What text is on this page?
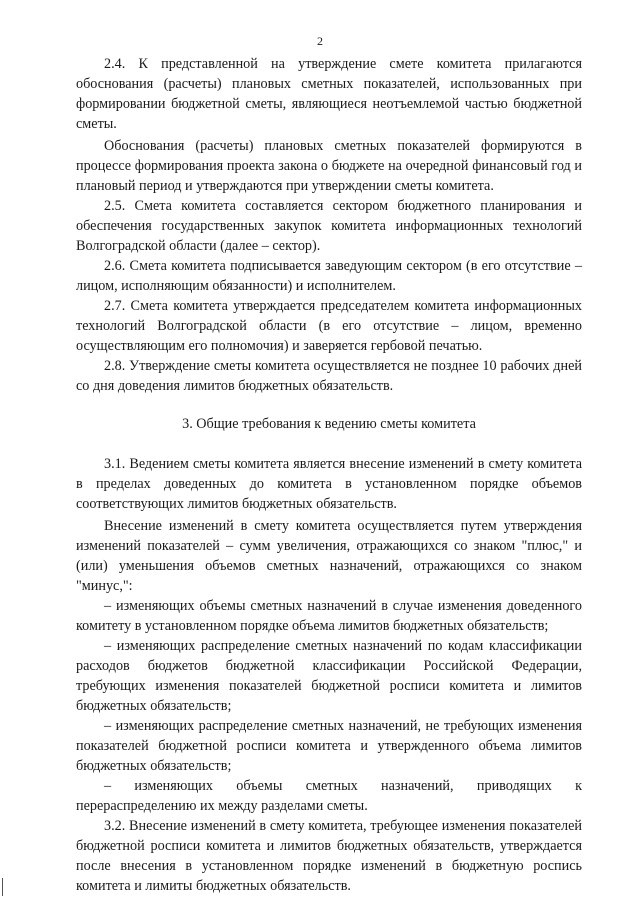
2

2.4. К представленной на утверждение смете комитета прилагаются обоснования (расчеты) плановых сметных показателей, использованных при формировании бюджетной сметы, являющиеся неотъемлемой частью бюджетной сметы.

Обоснования (расчеты) плановых сметных показателей формируются в процессе формирования проекта закона о бюджете на очередной финансовый год и плановый период и утверждаются при утверждении сметы комитета.

2.5. Смета комитета составляется сектором бюджетного планирования и обеспечения государственных закупок комитета информационных технологий Волгоградской области (далее – сектор).

2.6. Смета комитета подписывается заведующим сектором (в его отсутствие – лицом, исполняющим обязанности) и исполнителем.

2.7. Смета комитета утверждается председателем комитета информационных технологий Волгоградской области (в его отсутствие – лицом, временно осуществляющим его полномочия) и заверяется гербовой печатью.

2.8. Утверждение сметы комитета осуществляется не позднее 10 рабочих дней со дня доведения лимитов бюджетных обязательств.

3. Общие требования к ведению сметы комитета

3.1. Ведением сметы комитета является внесение изменений в смету комитета в пределах доведенных до комитета в установленном порядке объемов соответствующих лимитов бюджетных обязательств.

Внесение изменений в смету комитета осуществляется путем утверждения изменений показателей – сумм увеличения, отражающихся со знаком "плюс," и (или) уменьшения объемов сметных назначений, отражающихся со знаком "минус,":

– изменяющих объемы сметных назначений в случае изменения доведенного комитету в установленном порядке объема лимитов бюджетных обязательств;

– изменяющих распределение сметных назначений по кодам классификации расходов бюджетов бюджетной классификации Российской Федерации, требующих изменения показателей бюджетной росписи комитета и лимитов бюджетных обязательств;

– изменяющих распределение сметных назначений, не требующих изменения показателей бюджетной росписи комитета и утвержденного объема лимитов бюджетных обязательств;

– изменяющих объемы сметных назначений, приводящих к перераспределению их между разделами сметы.

3.2. Внесение изменений в смету комитета, требующее изменения показателей бюджетной росписи комитета и лимитов бюджетных обязательств, утверждается после внесения в установленном порядке изменений в бюджетную роспись комитета и лимиты бюджетных обязательств.
